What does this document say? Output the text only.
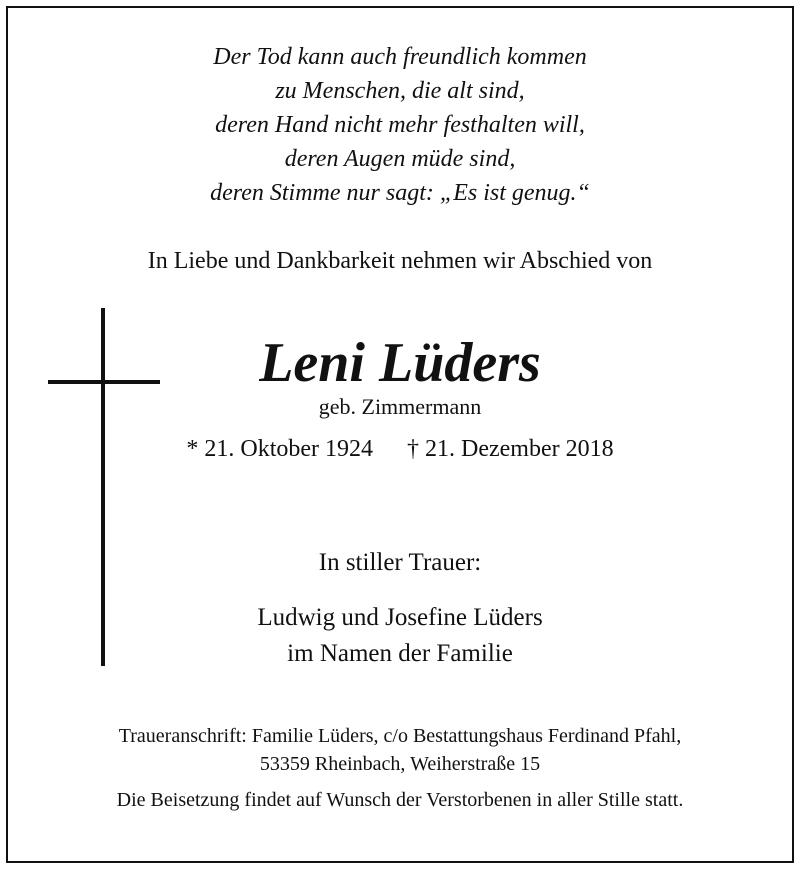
Der Tod kann auch freundlich kommen
zu Menschen, die alt sind,
deren Hand nicht mehr festhalten will,
deren Augen müde sind,
deren Stimme nur sagt: „Es ist genug.“
In Liebe und Dankbarkeit nehmen wir Abschied von
Leni Lüders
geb. Zimmermann
* 21. Oktober 1924 † 21. Dezember 2018
In stiller Trauer:
Ludwig und Josefine Lüders
im Namen der Familie
Traueranschrift: Familie Lüders, c/o Bestattungshaus Ferdinand Pfahl,
53359 Rheinbach, Weiherstraße 15
Die Beisetzung findet auf Wunsch der Verstorbenen in aller Stille statt.
